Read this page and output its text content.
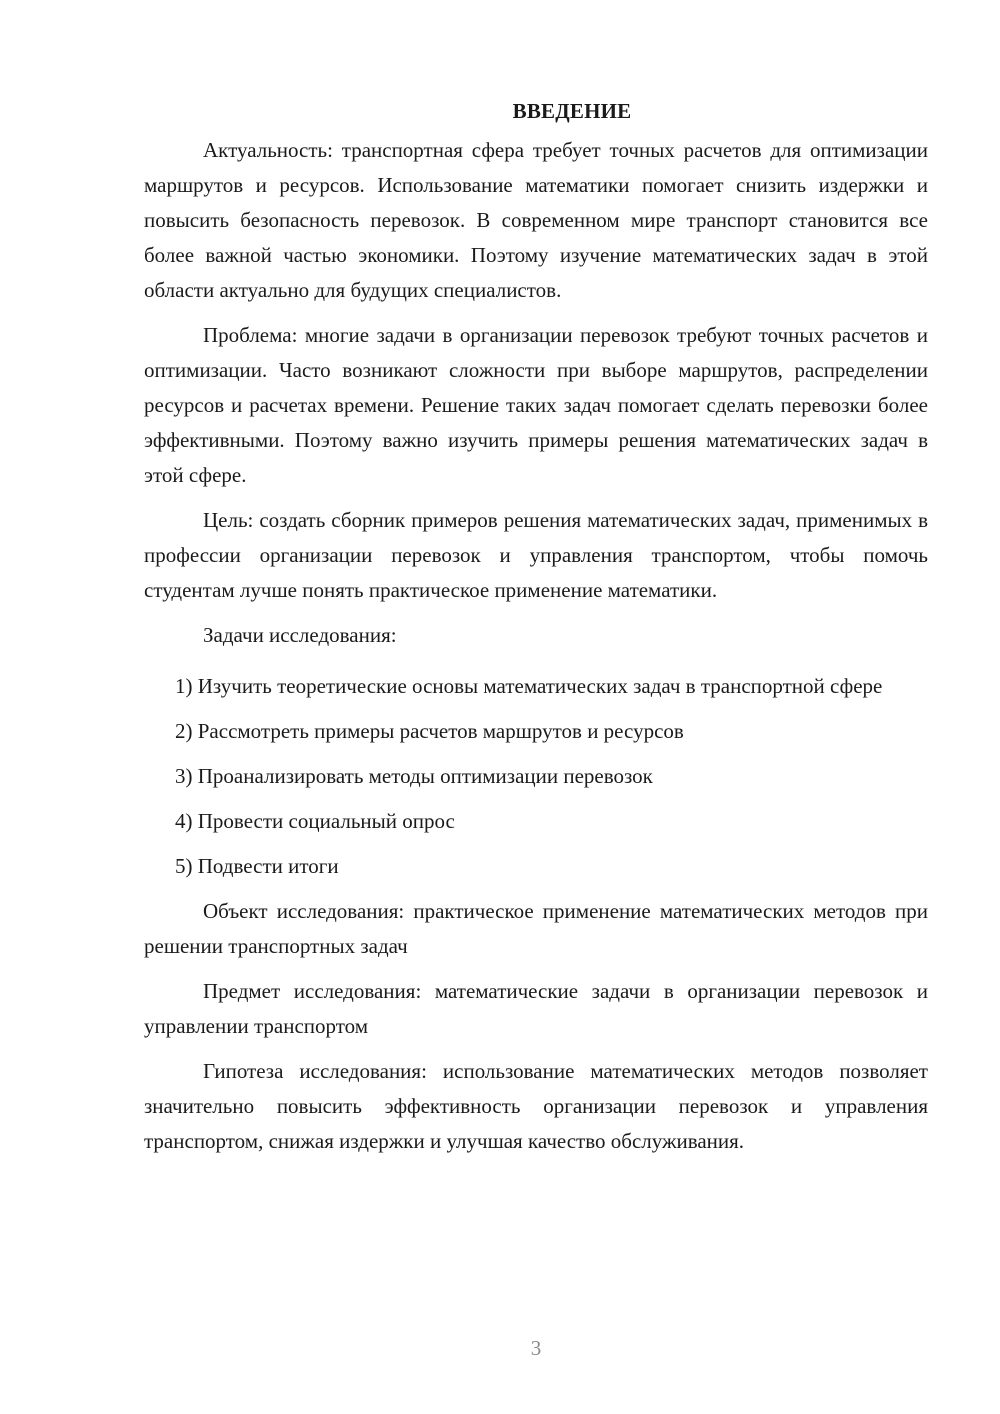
ВВЕДЕНИЕ

Актуальность: транспортная сфера требует точных расчетов для оптимизации маршрутов и ресурсов. Использование математики помогает снизить издержки и повысить безопасность перевозок. В современном мире транспорт становится все более важной частью экономики. Поэтому изучение математических задач в этой области актуально для будущих специалистов.

Проблема: многие задачи в организации перевозок требуют точных расчетов и оптимизации. Часто возникают сложности при выборе маршрутов, распределении ресурсов и расчетах времени. Решение таких задач помогает сделать перевозки более эффективными. Поэтому важно изучить примеры решения математических задач в этой сфере.

Цель: создать сборник примеров решения математических задач, применимых в профессии организации перевозок и управления транспортом, чтобы помочь студентам лучше понять практическое применение математики.

Задачи исследования:

1) Изучить теоретические основы математических задач в транспортной сфере

2) Рассмотреть примеры расчетов маршрутов и ресурсов

3) Проанализировать методы оптимизации перевозок

4) Провести социальный опрос

5) Подвести итоги

Объект исследования: практическое применение математических методов при решении транспортных задач

Предмет исследования: математические задачи в организации перевозок и управлении транспортом

Гипотеза исследования: использование математических методов позволяет значительно повысить эффективность организации перевозок и управления транспортом, снижая издержки и улучшая качество обслуживания.

3
